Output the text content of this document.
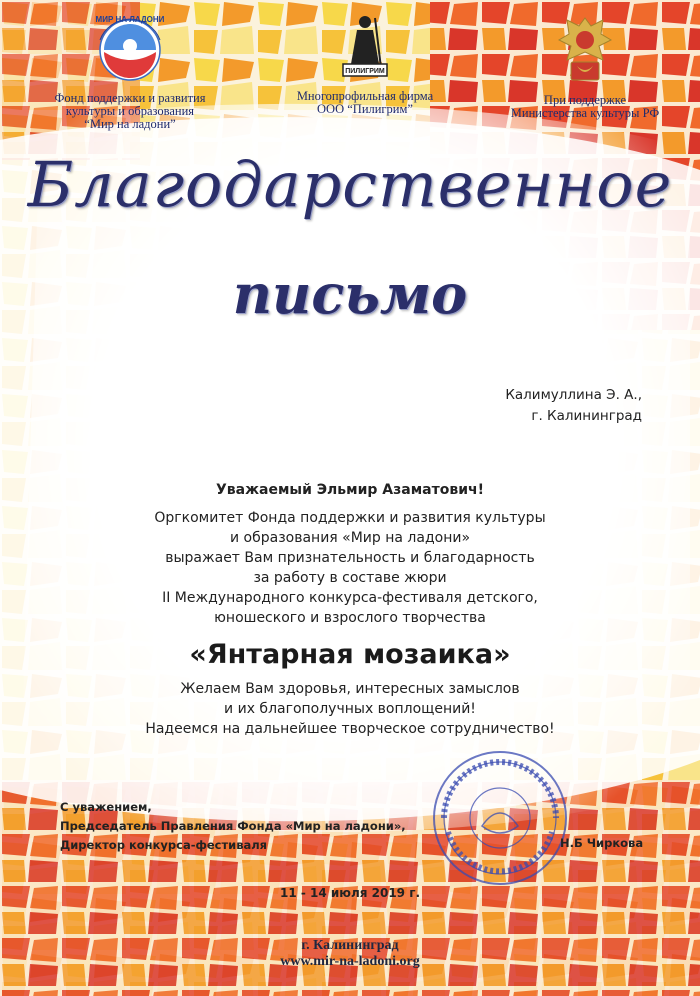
МИР НА ЛАДОНИ
Фонд поддержки и развития
культуры и образования
“Мир на ладони”
ПИЛИГРИМ
Многопрофильная фирма
ООО “Пилигрим”
При поддержке
Министерства культуры РФ
Благодарственное
письмо
Калимуллина Э. А.,
г. Калининград
Уважаемый Эльмир Азаматович!
Оргкомитет Фонда поддержки и развития культуры
и образования «Мир на ладони»
выражает Вам признательность и благодарность
за работу в составе жюри
II Международного конкурса-фестиваля детского,
юношеского и взрослого творчества
«Янтарная мозаика»
Желаем Вам здоровья, интересных замыслов
и их благополучных воплощений!
Надеемся на дальнейшее творческое сотрудничество!
С уважением,
Председатель Правления Фонда «Мир на ладони»,
Директор конкурса-фестиваля	Н.Б Чиркова
11 - 14 июля 2019 г.
г. Калининград
www.mir-na-ladoni.org
